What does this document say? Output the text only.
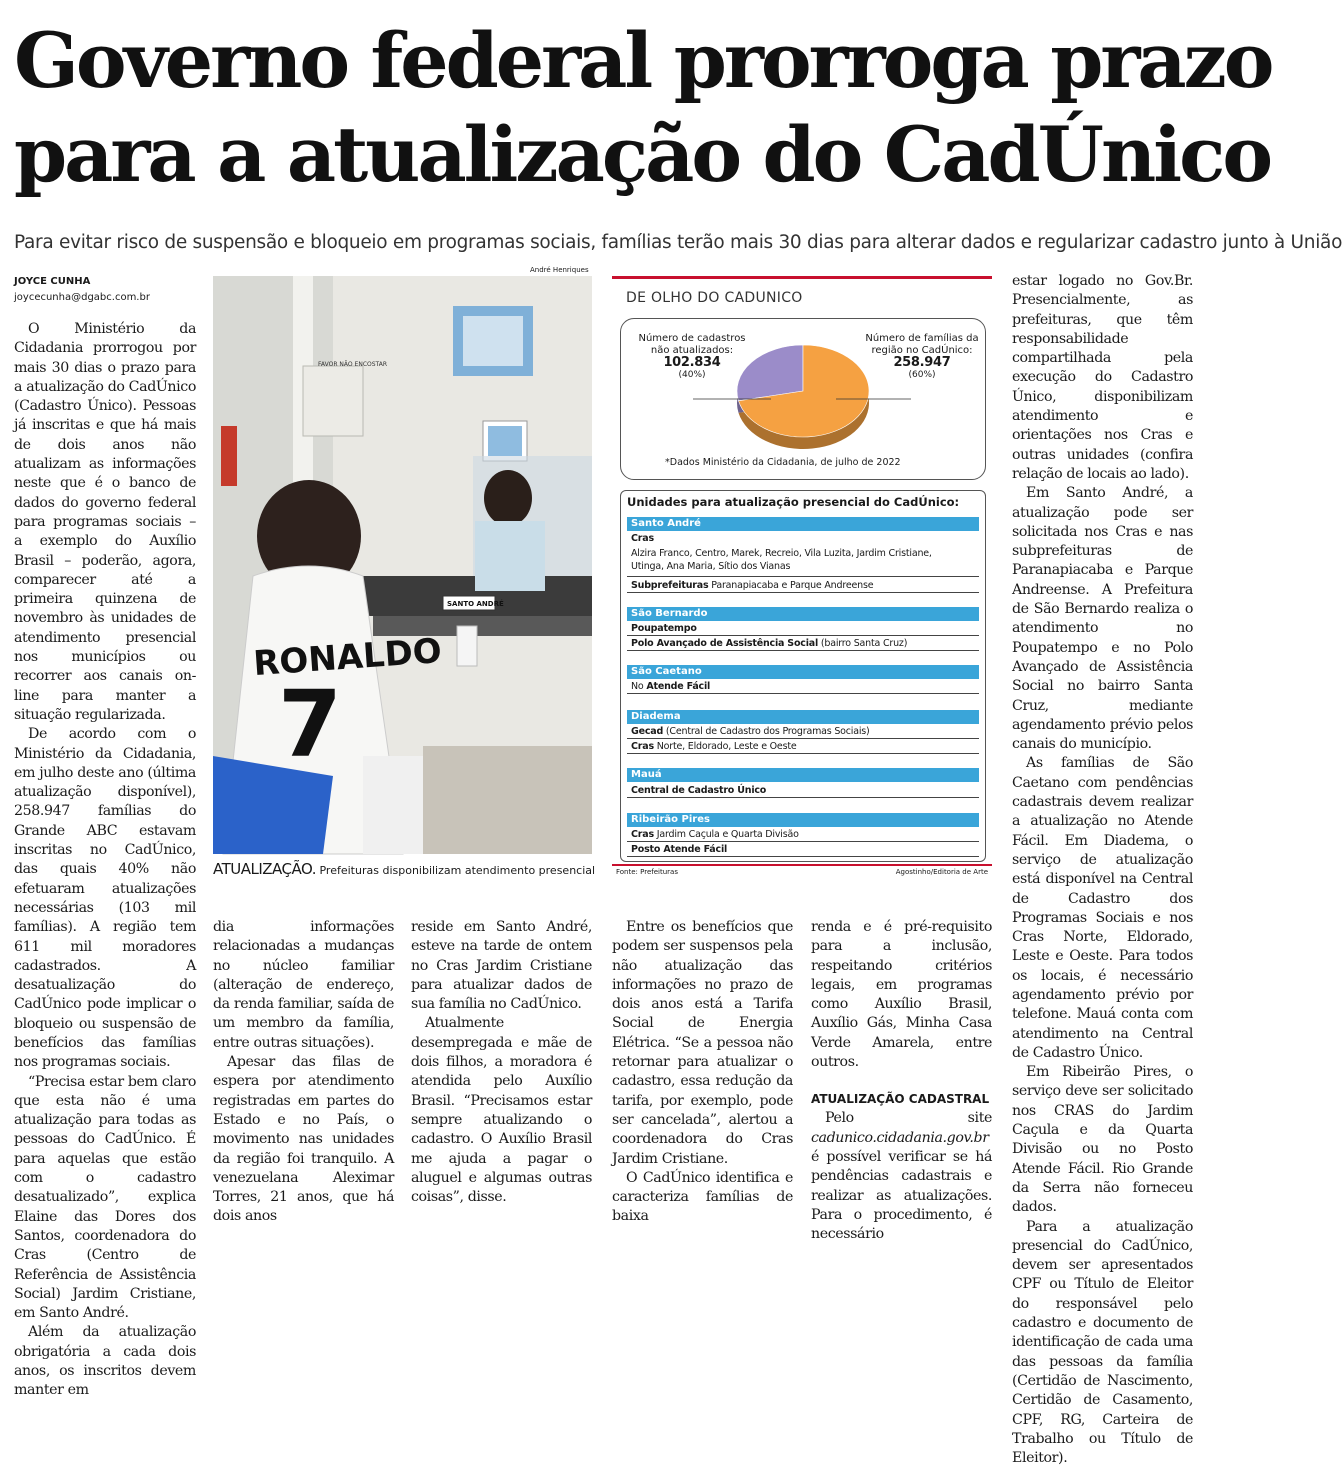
Governo federal prorroga prazo
para a atualização do CadÚnico
Para evitar risco de suspensão e bloqueio em programas sociais, famílias terão mais 30 dias para alterar dados e regularizar cadastro junto à União
JOYCE CUNHA
joycecunha@dgabc.com.br

O Ministério da Cidadania prorrogou por mais 30 dias o prazo para a atualização do CadÚnico (Cadastro Único). Pessoas já inscritas e que há mais de dois anos não atualizam as informações neste que é o banco de dados do governo federal para programas sociais – a exemplo do Auxílio Brasil – poderão, agora, comparecer até a primeira quinzena de novembro às unidades de atendimento presencial nos municípios ou recorrer aos canais on-line para manter a situação regularizada.

De acordo com o Ministério da Cidadania, em julho deste ano (última atualização disponível), 258.947 famílias do Grande ABC estavam inscritas no CadÚnico, das quais 40% não efetuaram atualizações necessárias (103 mil famílias). A região tem 611 mil moradores cadastrados. A desatualização do CadÚnico pode implicar o bloqueio ou suspensão de benefícios das famílias nos programas sociais.

“Precisa estar bem claro que esta não é uma atualização para todas as pessoas do CadÚnico. É para aquelas que estão com o cadastro desatualizado”, explica Elaine das Dores dos Santos, coordenadora do Cras (Centro de Referência de Assistência Social) Jardim Cristiane, em Santo André.

Além da atualização obrigatória a cada dois anos, os inscritos devem manter em

André Henriques
RONALDO
7
FAVOR NÃO ENCOSTAR
SANTO ANDRÉ
ATUALIZAÇÃO. Prefeituras disponibilizam atendimento presencial
DE OLHO DO CADUNICO
Número de cadastros não atualizados:
102.834
(40%)
Número de famílias da região no CadÚnico:
258.947
(60%)
*Dados Ministério da Cidadania, de julho de 2022
Unidades para atualização presencial do CadÚnico:
Santo André
Cras
Alzira Franco, Centro, Marek, Recreio, Vila Luzita, Jardim Cristiane,
Utinga, Ana Maria, Sítio dos Vianas
Subprefeituras Paranapiacaba e Parque Andreense
São Bernardo
Poupatempo
Polo Avançado de Assistência Social (bairro Santa Cruz)
São Caetano
No Atende Fácil
Diadema
Gecad (Central de Cadastro dos Programas Sociais)
Cras Norte, Eldorado, Leste e Oeste
Mauá
Central de Cadastro Único
Ribeirão Pires
Cras Jardim Caçula e Quarta Divisão
Posto Atende Fácil
Fonte: Prefeituras	Agostinho/Editoria de Arte

dia informações relacionadas a mudanças no núcleo familiar (alteração de endereço, da renda familiar, saída de um membro da família, entre outras situações).

Apesar das filas de espera por atendimento registradas em partes do Estado e no País, o movimento nas unidades da região foi tranquilo. A venezuelana Aleximar Torres, 21 anos, que há dois anos

reside em Santo André, esteve na tarde de ontem no Cras Jardim Cristiane para atualizar dados de sua família no CadÚnico.

Atualmente desempregada e mãe de dois filhos, a moradora é atendida pelo Auxílio Brasil. “Precisamos estar sempre atualizando o cadastro. O Auxílio Brasil me ajuda a pagar o aluguel e algumas outras coisas”, disse.

Entre os benefícios que podem ser suspensos pela não atualização das informações no prazo de dois anos está a Tarifa Social de Energia Elétrica. “Se a pessoa não retornar para atualizar o cadastro, essa redução da tarifa, por exemplo, pode ser cancelada”, alertou a coordenadora do Cras Jardim Cristiane.

O CadÚnico identifica e caracteriza famílias de baixa

renda e é pré-requisito para a inclusão, respeitando critérios legais, em programas como Auxílio Brasil, Auxílio Gás, Minha Casa Verde Amarela, entre outros.

ATUALIZAÇÃO CADASTRAL

Pelo site cadunico.cidadania.gov.br é possível verificar se há pendências cadastrais e realizar as atualizações. Para o procedimento, é necessário

estar logado no Gov.Br. Presencialmente, as prefeituras, que têm responsabilidade compartilhada pela execução do Cadastro Único, disponibilizam atendimento e orientações nos Cras e outras unidades (confira relação de locais ao lado).

Em Santo André, a atualização pode ser solicitada nos Cras e nas subprefeituras de Paranapiacaba e Parque Andreense. A Prefeitura de São Bernardo realiza o atendimento no Poupatempo e no Polo Avançado de Assistência Social no bairro Santa Cruz, mediante agendamento prévio pelos canais do município.

As famílias de São Caetano com pendências cadastrais devem realizar a atualização no Atende Fácil. Em Diadema, o serviço de atualização está disponível na Central de Cadastro dos Programas Sociais e nos Cras Norte, Eldorado, Leste e Oeste. Para todos os locais, é necessário agendamento prévio por telefone. Mauá conta com atendimento na Central de Cadastro Único.

Em Ribeirão Pires, o serviço deve ser solicitado nos CRAS do Jardim Caçula e da Quarta Divisão ou no Posto Atende Fácil. Rio Grande da Serra não forneceu dados.

Para a atualização presencial do CadÚnico, devem ser apresentados CPF ou Título de Eleitor do responsável pelo cadastro e documento de identificação de cada uma das pessoas da família (Certidão de Nascimento, Certidão de Casamento, CPF, RG, Carteira de Trabalho ou Título de Eleitor).
